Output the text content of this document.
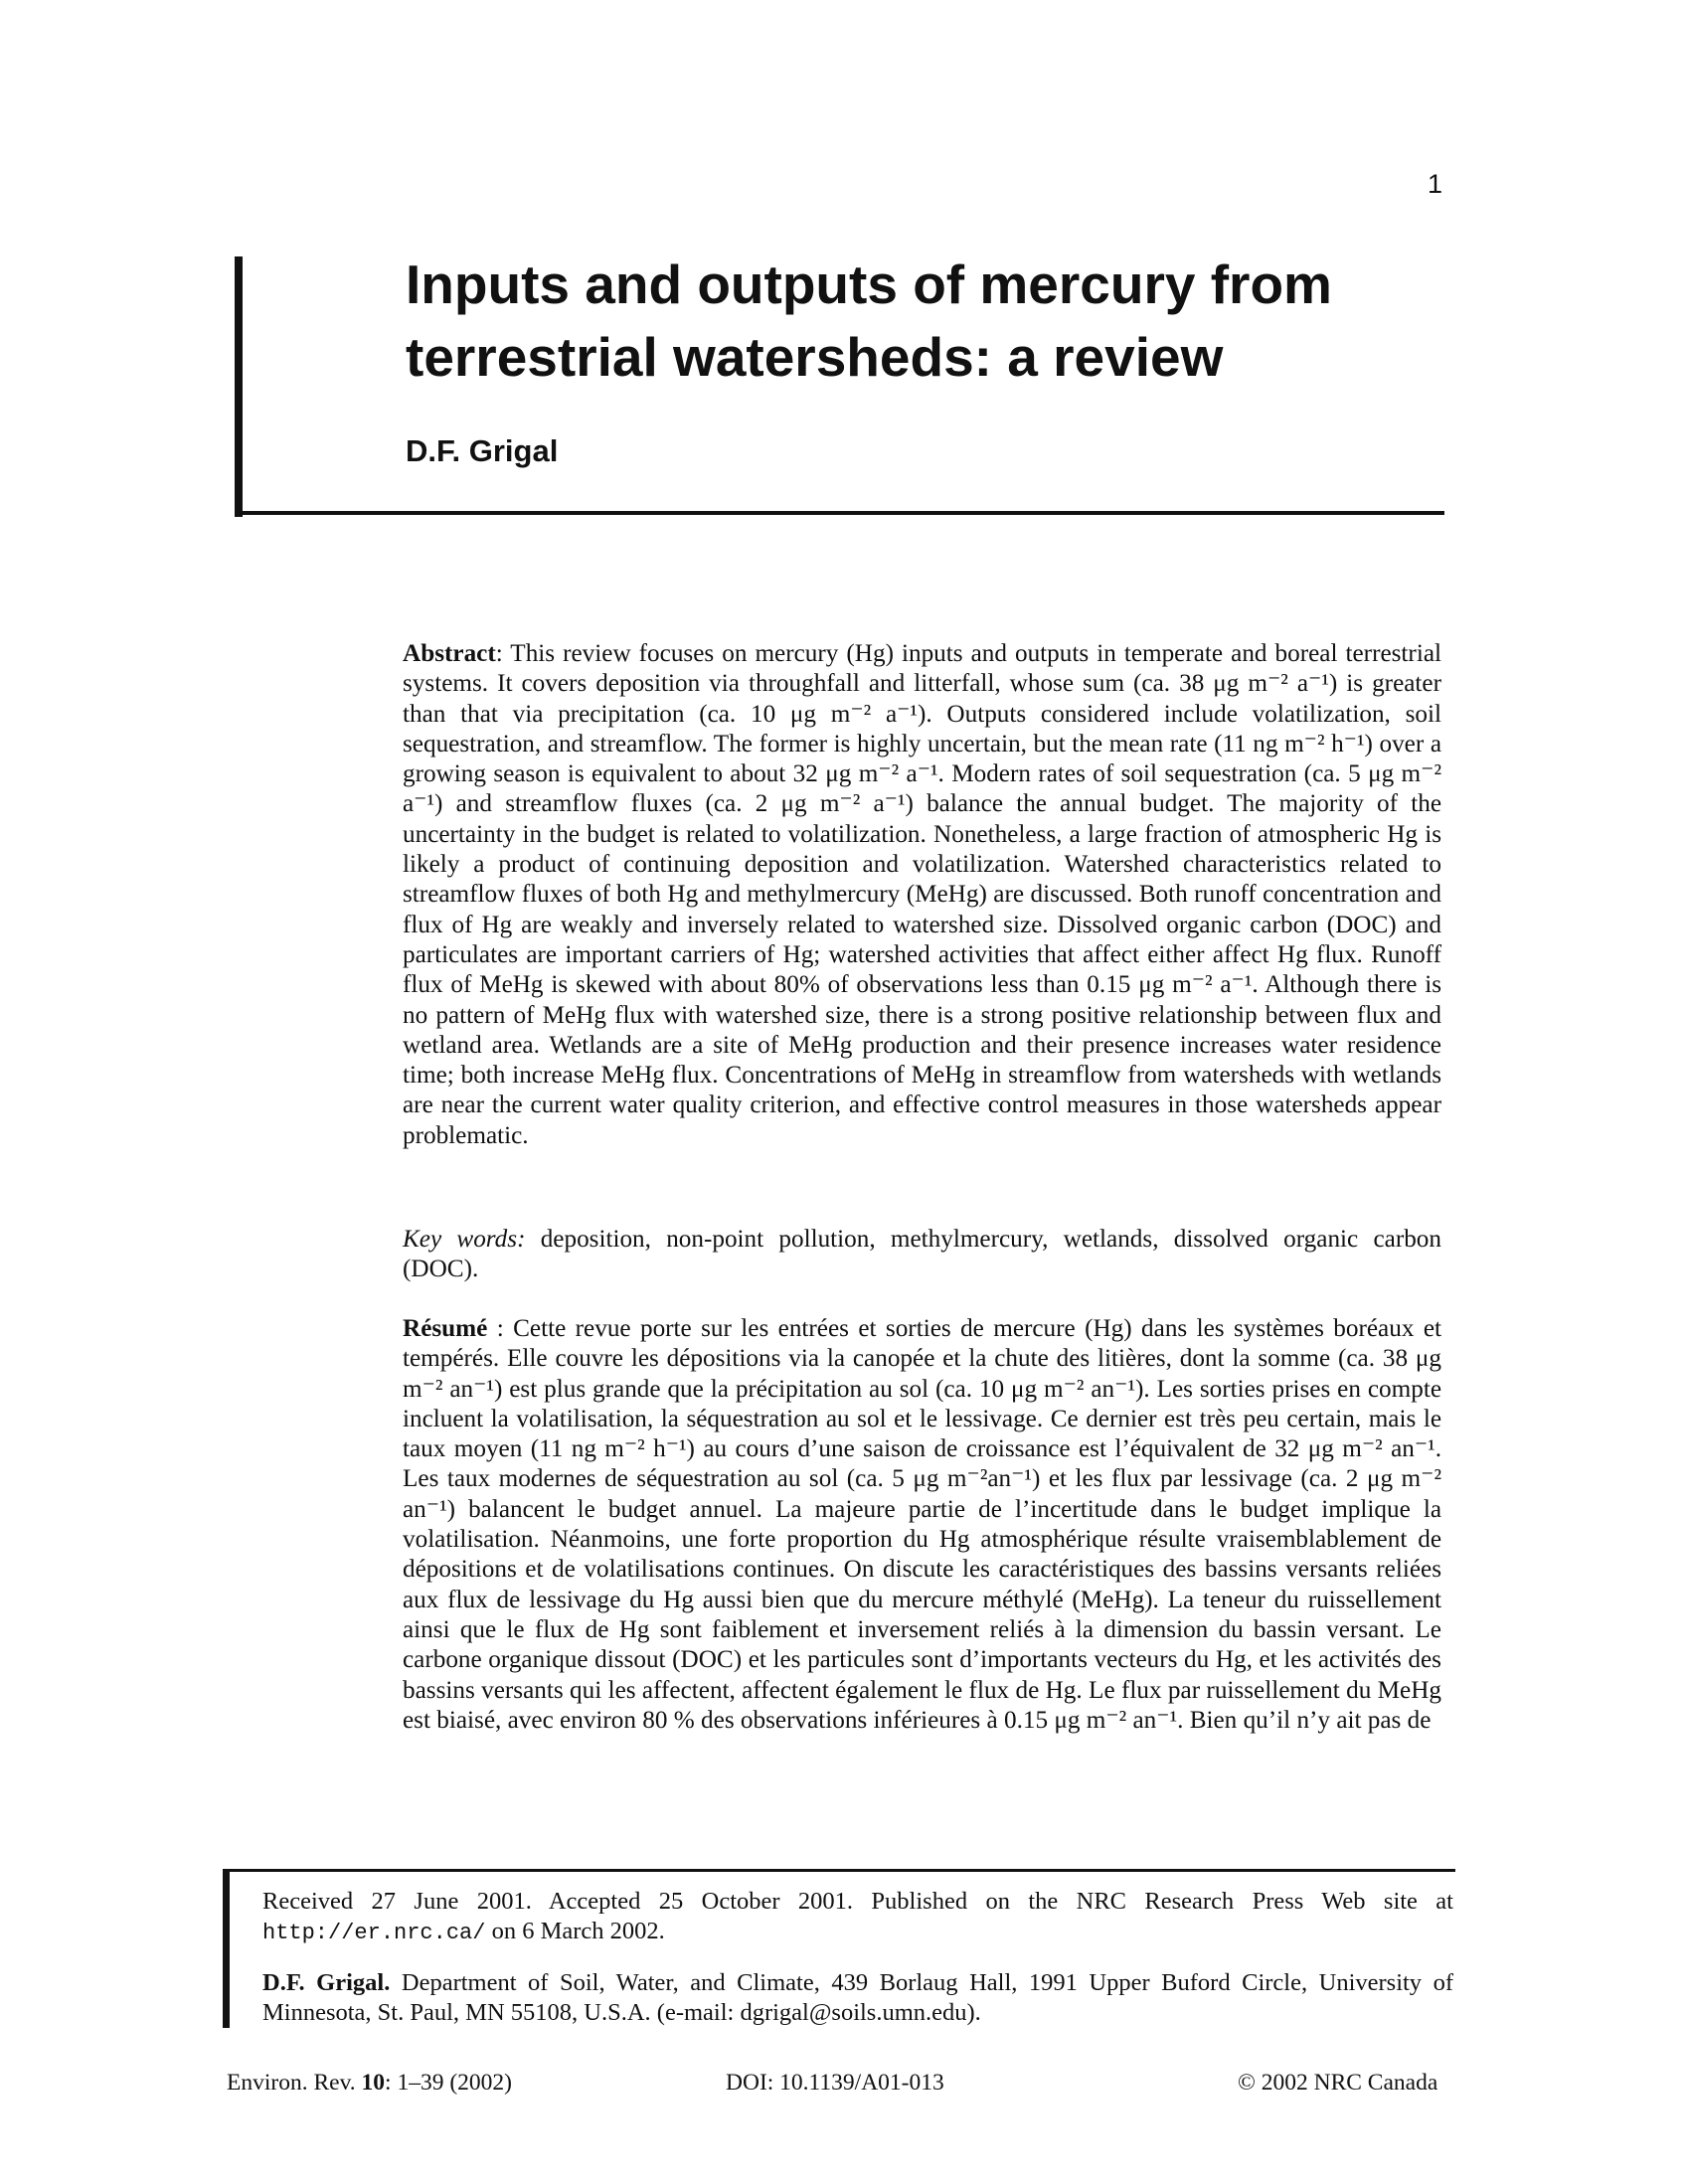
1
Inputs and outputs of mercury from terrestrial watersheds: a review
D.F. Grigal

Abstract: This review focuses on mercury (Hg) inputs and outputs in temperate and boreal terrestrial systems. It covers deposition via throughfall and litterfall, whose sum (ca. 38 μg m⁻² a⁻¹) is greater than that via precipitation (ca. 10 μg m⁻² a⁻¹). Outputs considered include volatilization, soil sequestration, and streamflow. The former is highly uncertain, but the mean rate (11 ng m⁻² h⁻¹) over a growing season is equivalent to about 32 μg m⁻² a⁻¹. Modern rates of soil sequestration (ca. 5 μg m⁻² a⁻¹) and streamflow fluxes (ca. 2 μg m⁻² a⁻¹) balance the annual budget. The majority of the uncertainty in the budget is related to volatilization. Nonetheless, a large fraction of atmospheric Hg is likely a product of continuing deposition and volatilization. Watershed characteristics related to streamflow fluxes of both Hg and methylmercury (MeHg) are discussed. Both runoff concentration and flux of Hg are weakly and inversely related to watershed size. Dissolved organic carbon (DOC) and particulates are important carriers of Hg; watershed activities that affect either affect Hg flux. Runoff flux of MeHg is skewed with about 80% of observations less than 0.15 μg m⁻² a⁻¹. Although there is no pattern of MeHg flux with watershed size, there is a strong positive relationship between flux and wetland area. Wetlands are a site of MeHg production and their presence increases water residence time; both increase MeHg flux. Concentrations of MeHg in streamflow from watersheds with wetlands are near the current water quality criterion, and effective control measures in those watersheds appear problematic.

Key words: deposition, non-point pollution, methylmercury, wetlands, dissolved organic carbon (DOC).

Résumé : Cette revue porte sur les entrées et sorties de mercure (Hg) dans les systèmes boréaux et tempérés. Elle couvre les dépositions via la canopée et la chute des litières, dont la somme (ca. 38 μg m⁻² an⁻¹) est plus grande que la précipitation au sol (ca. 10 μg m⁻² an⁻¹). Les sorties prises en compte incluent la volatilisation, la séquestration au sol et le lessivage. Ce dernier est très peu certain, mais le taux moyen (11 ng m⁻² h⁻¹) au cours d’une saison de croissance est l’équivalent de 32 μg m⁻² an⁻¹. Les taux modernes de séquestration au sol (ca. 5 μg m⁻²an⁻¹) et les flux par lessivage (ca. 2 μg m⁻² an⁻¹) balancent le budget annuel. La majeure partie de l’incertitude dans le budget implique la volatilisation. Néanmoins, une forte proportion du Hg atmosphérique résulte vraisemblablement de dépositions et de volatilisations continues. On discute les caractéristiques des bassins versants reliées aux flux de lessivage du Hg aussi bien que du mercure méthylé (MeHg). La teneur du ruissellement ainsi que le flux de Hg sont faiblement et inversement reliés à la dimension du bassin versant. Le carbone organique dissout (DOC) et les particules sont d’importants vecteurs du Hg, et les activités des bassins versants qui les affectent, affectent également le flux de Hg. Le flux par ruissellement du MeHg est biaisé, avec environ 80 % des observations inférieures à 0.15 μg m⁻² an⁻¹. Bien qu’il n’y ait pas de

Received 27 June 2001. Accepted 25 October 2001. Published on the NRC Research Press Web site at http://er.nrc.ca/ on 6 March 2002.

D.F. Grigal. Department of Soil, Water, and Climate, 439 Borlaug Hall, 1991 Upper Buford Circle, University of Minnesota, St. Paul, MN 55108, U.S.A. (e-mail: dgrigal@soils.umn.edu).

Environ. Rev. 10: 1–39 (2002)	DOI: 10.1139/A01-013	© 2002 NRC Canada
